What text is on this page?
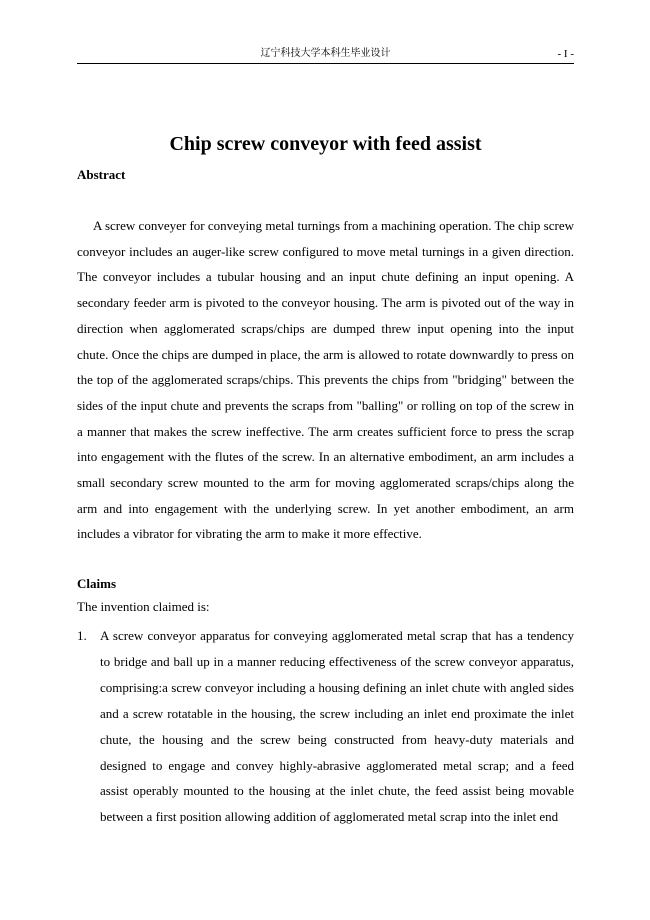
辽宁科技大学本科生毕业设计	- I -
Chip screw conveyor with feed assist
Abstract

A screw conveyer for conveying metal turnings from a machining operation. The chip screw conveyor includes an auger-like screw configured to move metal turnings in a given direction. The conveyor includes a tubular housing and an input chute defining an input opening. A secondary feeder arm is pivoted to the conveyor housing. The arm is pivoted out of the way in direction when agglomerated scraps/chips are dumped threw input opening into the input chute. Once the chips are dumped in place, the arm is allowed to rotate downwardly to press on the top of the agglomerated scraps/chips. This prevents the chips from "bridging" between the sides of the input chute and prevents the scraps from "balling" or rolling on top of the screw in a manner that makes the screw ineffective. The arm creates sufficient force to press the scrap into engagement with the flutes of the screw. In an alternative embodiment, an arm includes a small secondary screw mounted to the arm for moving agglomerated scraps/chips along the arm and into engagement with the underlying screw. In yet another embodiment, an arm includes a vibrator for vibrating the arm to make it more effective.

Claims
The invention claimed is:
1. A screw conveyor apparatus for conveying agglomerated metal scrap that has a tendency to bridge and ball up in a manner reducing effectiveness of the screw conveyor apparatus, comprising:a screw conveyor including a housing defining an inlet chute with angled sides and a screw rotatable in the housing, the screw including an inlet end proximate the inlet chute, the housing and the screw being constructed from heavy-duty materials and designed to engage and convey highly-abrasive agglomerated metal scrap; and a feed assist operably mounted to the housing at the inlet chute, the feed assist being movable between a first position allowing addition of agglomerated metal scrap into the inlet end
